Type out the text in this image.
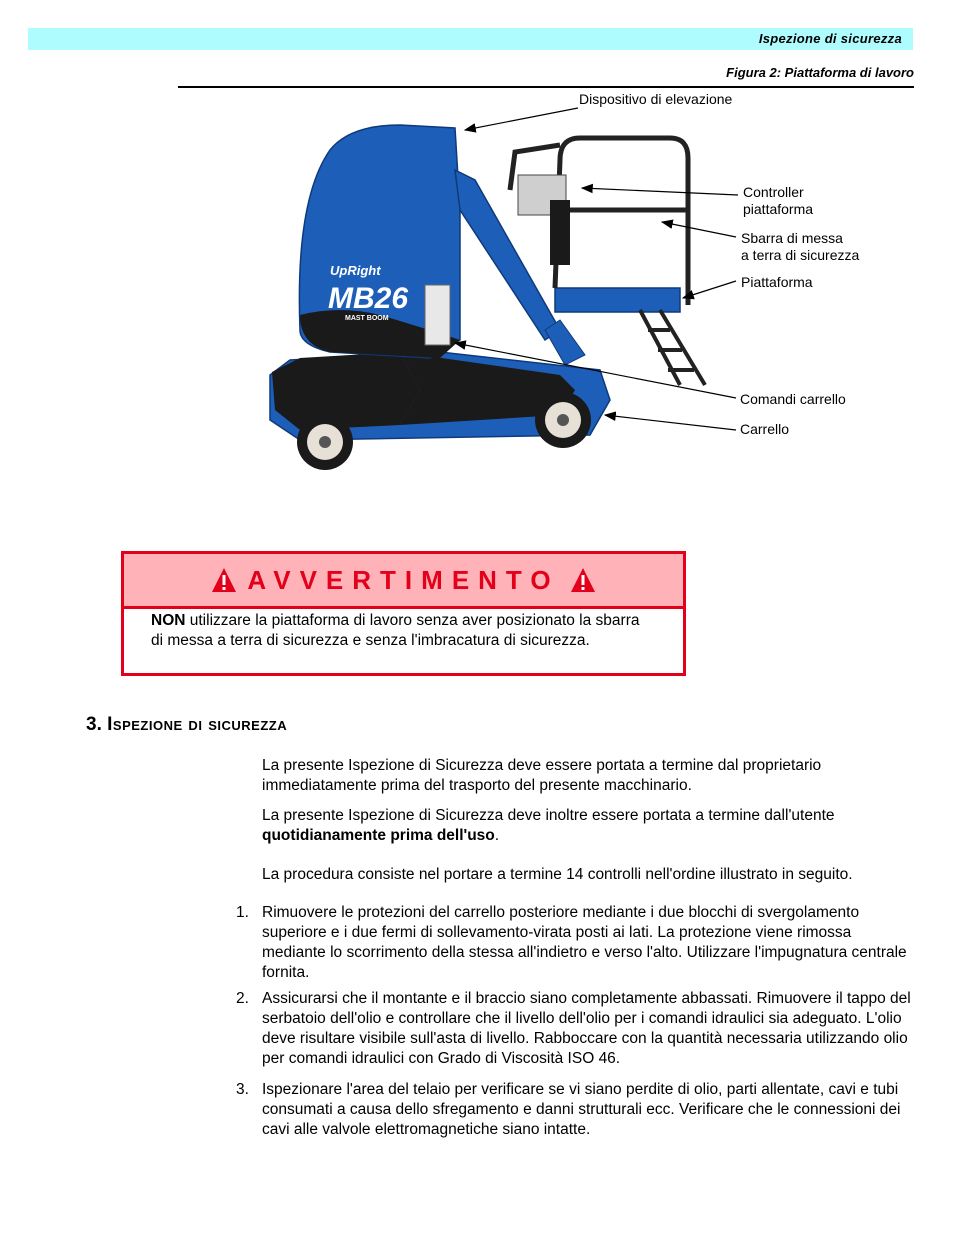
Ispezione di sicurezza
Figura 2: Piattaforma di lavoro
UpRight
MB26
MAST BOOM
Dispositivo di elevazione
Controller
piattaforma
Sbarra di messa
a terra di sicurezza
Piattaforma
Comandi carrello
Carrello
AVVERTIMENTO
NON utilizzare la piattaforma di lavoro senza aver posizionato la sbarra di messa a terra di sicurezza e senza l'imbracatura di sicurezza.
3. Ispezione di sicurezza
La presente Ispezione di Sicurezza deve essere portata a termine dal proprietario immediatamente prima del trasporto del presente macchinario.
La presente Ispezione di Sicurezza deve inoltre essere portata a termine dall'utente quotidianamente prima dell'uso.
La procedura consiste nel portare a termine 14 controlli nell'ordine illustrato in seguito.
1. Rimuovere le protezioni del carrello posteriore mediante i due blocchi di svergolamento superiore e i due fermi di sollevamento-virata posti ai lati. La protezione viene rimossa mediante lo scorrimento della stessa all'indietro e verso l'alto. Utilizzare l'impugnatura centrale fornita.
2. Assicurarsi che il montante e il braccio siano completamente abbassati. Rimuovere il tappo del serbatoio dell'olio e controllare che il livello dell'olio per i comandi idraulici sia adeguato. L'olio deve risultare visibile sull'asta di livello. Rabboccare con la quantità necessaria utilizzando olio per comandi idraulici con Grado di Viscosità ISO 46.
3. Ispezionare l'area del telaio per verificare se vi siano perdite di olio, parti allentate, cavi e tubi consumati a causa dello sfregamento e danni strutturali ecc. Verificare che le connessioni dei cavi alle valvole elettromagnetiche siano intatte.
